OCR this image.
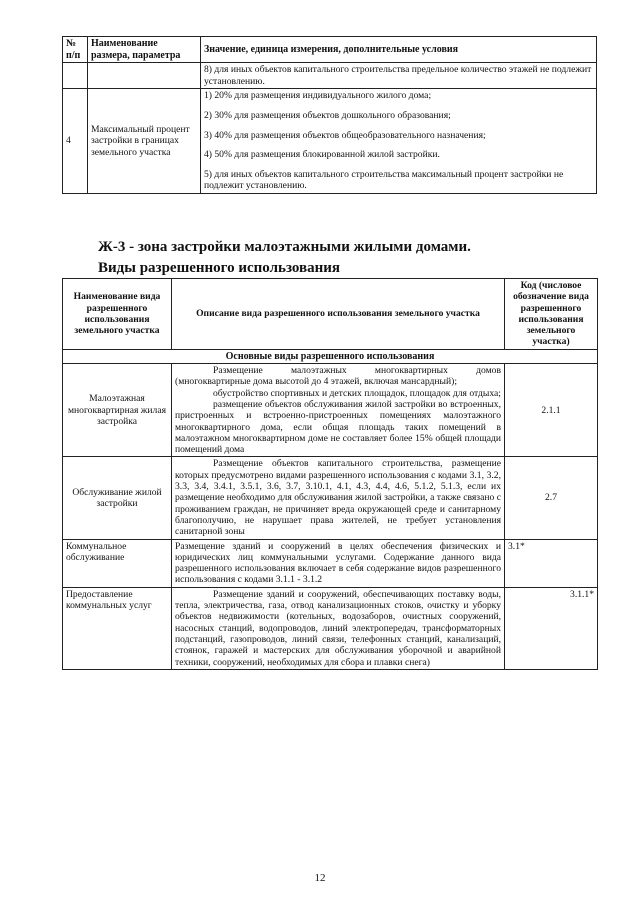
№ п/п	Наименование размера, параметра	Значение, единица измерения, дополнительные условия
		8) для иных объектов капитального строительства предельное количество этажей не подлежит установлению.
4	Максимальный процент застройки в границах земельного участка	1) 20% для размещения индивидуального жилого дома;

2) 30% для размещения объектов дошкольного образования;

3) 40% для размещения объектов общеобразовательного назначения;

4) 50% для размещения блокированной жилой застройки.

5) для иных объектов капитального строительства максимальный процент застройки не подлежит установлению.

Ж-3 - зона застройки малоэтажными жилыми домами.

Виды разрешенного использования

Наименование вида разрешенного использования земельного участка	Описание вида разрешенного использования земельного участка	Код (числовое обозначение вида разрешенного использования земельного участка)
Основные виды разрешенного использования		
Малоэтажная многоквартирная жилая застройка	Размещение малоэтажных многоквартирных домов (многоквартирные дома высотой до 4 этажей, включая мансардный);

обустройство спортивных и детских площадок, площадок для отдыха;

размещение объектов обслуживания жилой застройки во встроенных, пристроенных и встроенно-пристроенных помещениях малоэтажного многоквартирного дома, если общая площадь таких помещений в малоэтажном многоквартирном доме не составляет более 15% общей площади помещений дома	2.1.1
Обслуживание жилой застройки	Размещение объектов капитального строительства, размещение которых предусмотрено видами разрешенного использования с кодами 3.1, 3.2, 3.3, 3.4, 3.4.1, 3.5.1, 3.6, 3.7, 3.10.1, 4.1, 4.3, 4.4, 4.6, 5.1.2, 5.1.3, если их размещение необходимо для обслуживания жилой застройки, а также связано с проживанием граждан, не причиняет вреда окружающей среде и санитарному благополучию, не нарушает права жителей, не требует установления санитарной зоны	2.7
Коммунальное обслуживание	Размещение зданий и сооружений в целях обеспечения физических и юридических лиц коммунальными услугами. Содержание данного вида разрешенного использования включает в себя содержание видов разрешенного использования с кодами 3.1.1 - 3.1.2	3.1*
Предоставление коммунальных услуг	Размещение зданий и сооружений, обеспечивающих поставку воды, тепла, электричества, газа, отвод канализационных стоков, очистку и уборку объектов недвижимости (котельных, водозаборов, очистных сооружений, насосных станций, водопроводов, линий электропередач, трансформаторных подстанций, газопроводов, линий связи, телефонных станций, канализаций, стоянок, гаражей и мастерских для обслуживания уборочной и аварийной техники, сооружений, необходимых для сбора и плавки снега)	3.1.1*
12
